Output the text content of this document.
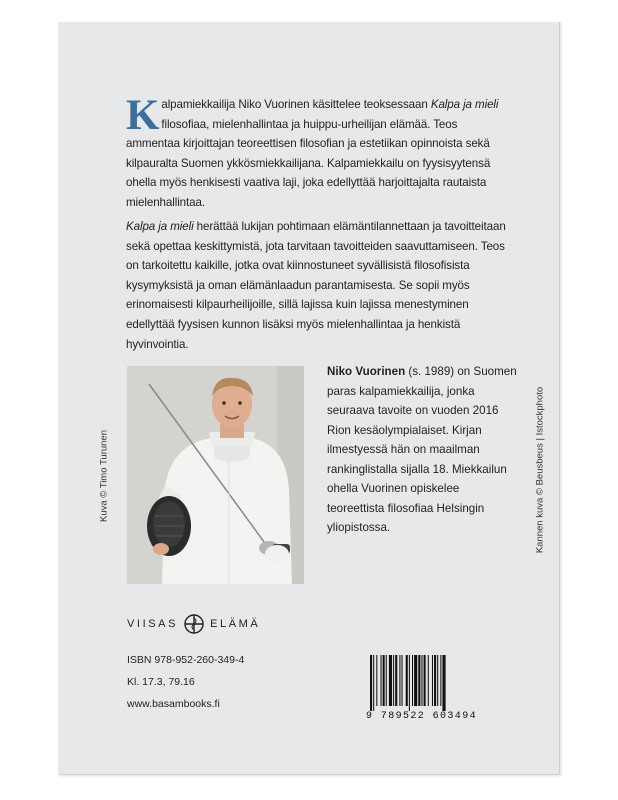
Kalpamiekkailija Niko Vuorinen käsittelee teoksessaan Kalpa ja mieli filosofiaa, mielenhallintaa ja huippu-urheilijan elämää. Teos ammentaa kirjoittajan teoreettisen filosofian ja estetiikan opinnoista sekä kilpauralta Suomen ykkösmiekkailijana. Kalpamiekkailu on fyysisyytensä ohella myös henkisesti vaativa laji, joka edellyttää harjoittajalta rautaista mielenhallintaa.
Kalpa ja mieli herättää lukijan pohtimaan elämäntilannettaan ja tavoitteitaan sekä opettaa keskittymistä, jota tarvitaan tavoitteiden saavuttamiseen. Teos on tarkoitettu kaikille, jotka ovat kiinnostuneet syvällisistä filosofisista kysymyksistä ja oman elämänlaadun parantamisesta. Se sopii myös erinomaisesti kilpaurheilijoille, sillä lajissa kuin lajissa menestyminen edellyttää fyysisen kunnon lisäksi myös mielenhallintaa ja henkistä hyvinvointia.
Kuva © Timo Turunen
Niko Vuorinen (s. 1989) on Suomen paras kalpamiekkailija, jonka seuraava tavoite on vuoden 2016 Rion kesäolympialaiset. Kirjan ilmestyessä hän on maailman rankinglistalla sijalla 18. Miekkailun ohella Vuorinen opiskelee teoreettista filosofiaa Helsingin yliopistossa.	Kannen kuva © Beusbeus | Istockphoto
VIISAS	ELÄMÄ
ISBN 978-952-260-349-4
Kl. 17.3, 79.16
www.basambooks.fi
9 789522 603494
